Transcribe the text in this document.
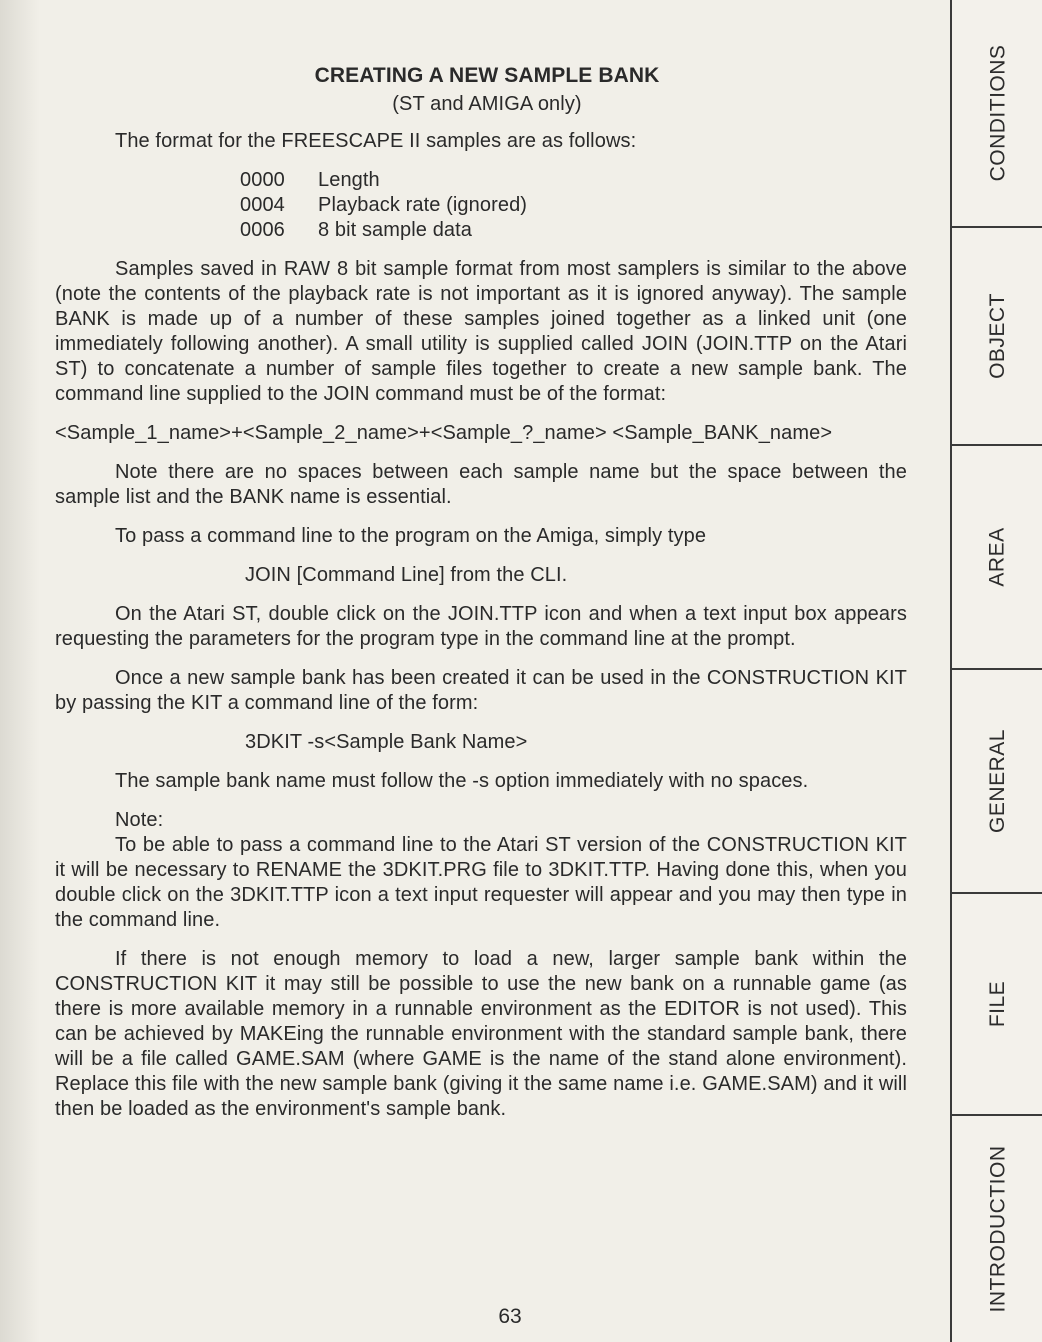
CREATING A NEW SAMPLE BANK

(ST and AMIGA only)

The format for the FREESCAPE II samples are as follows:

0000	Length
0004	Playback rate (ignored)
0006	8 bit sample data

Samples saved in RAW 8 bit sample format from most samplers is similar to the above (note the contents of the playback rate is not important as it is ignored anyway). The sample BANK is made up of a number of these samples joined together as a linked unit (one immediately following another). A small utility is supplied called JOIN (JOIN.TTP on the Atari ST) to concatenate a number of sample files together to create a new sample bank. The command line supplied to the JOIN command must be of the format:

<Sample_1_name>+<Sample_2_name>+<Sample_?_name> <Sample_BANK_name>

Note there are no spaces between each sample name but the space between the sample list and the BANK name is essential.

To pass a command line to the program on the Amiga, simply type

JOIN [Command Line] from the CLI.

On the Atari ST, double click on the JOIN.TTP icon and when a text input box appears requesting the parameters for the program type in the command line at the prompt.

Once a new sample bank has been created it can be used in the CONSTRUCTION KIT by passing the KIT a command line of the form:

3DKIT -s<Sample Bank Name>

The sample bank name must follow the -s option immediately with no spaces.

Note:

To be able to pass a command line to the Atari ST version of the CONSTRUCTION KIT it will be necessary to RENAME the 3DKIT.PRG file to 3DKIT.TTP. Having done this, when you double click on the 3DKIT.TTP icon a text input requester will appear and you may then type in the command line.

If there is not enough memory to load a new, larger sample bank within the CONSTRUCTION KIT it may still be possible to use the new bank on a runnable game (as there is more available memory in a runnable environment as the EDITOR is not used). This can be achieved by MAKEing the runnable environment with the standard sample bank, there will be a file called GAME.SAM (where GAME is the name of the stand alone environment). Replace this file with the new sample bank (giving it the same name i.e. GAME.SAM) and it will then be loaded as the environment's sample bank.

63
CONDITIONS
OBJECT
AREA
GENERAL
FILE
INTRODUCTION
